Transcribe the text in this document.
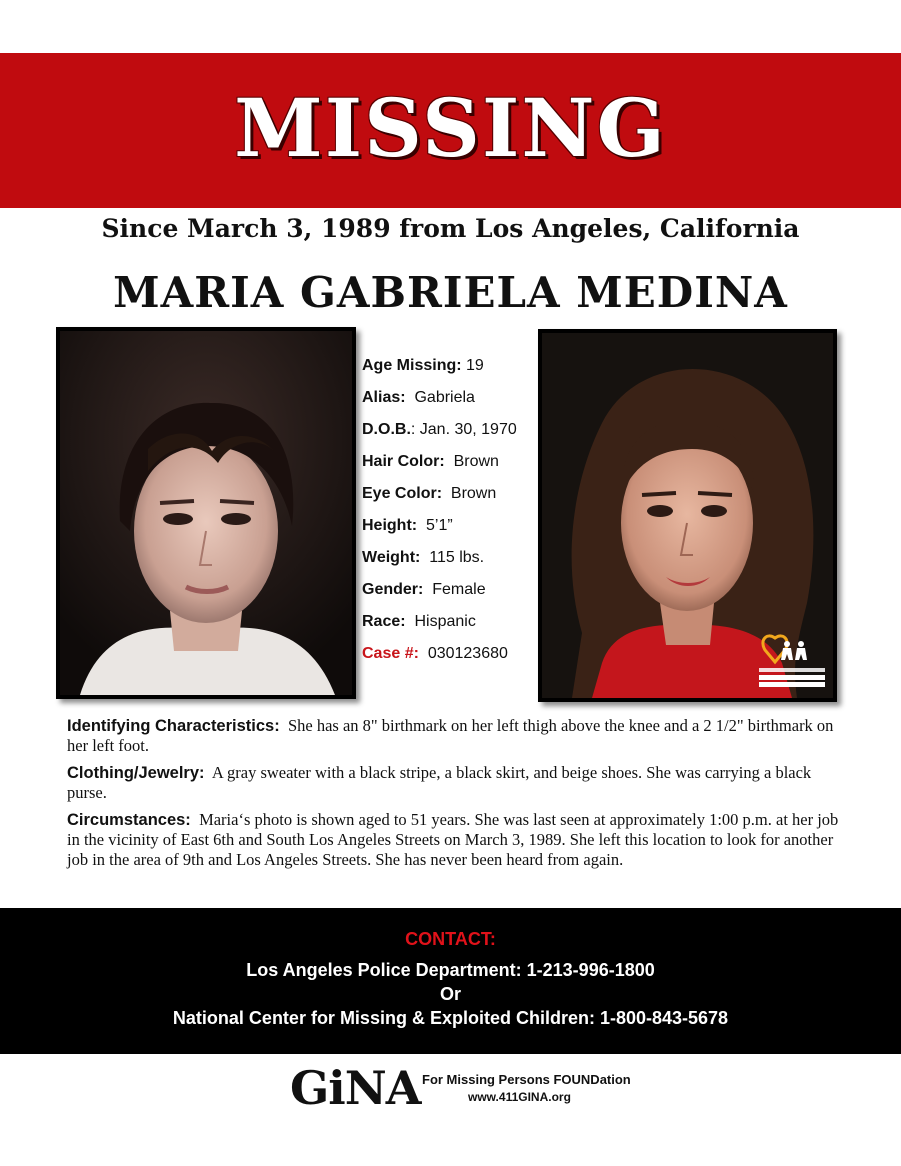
MISSING
Since March 3, 1989 from Los Angeles, California
MARIA GABRIELA MEDINA
Age Missing: 19
Alias: Gabriela
D.O.B.: Jan. 30, 1970
Hair Color: Brown
Eye Color: Brown
Height: 5’1”
Weight: 115 lbs.
Gender: Female
Race: Hispanic
Case #: 030123680

Identifying Characteristics: She has an 8" birthmark on her left thigh above the knee and a 2 1/2" birthmark on her left foot.

Clothing/Jewelry: A gray sweater with a black stripe, a black skirt, and beige shoes. She was carrying a black purse.

Circumstances: Maria‘s photo is shown aged to 51 years. She was last seen at approximately 1:00 p.m. at her job in the vicinity of East 6th and South Los Angeles Streets on March 3, 1989. She left this location to look for another job in the area of 9th and Los Angeles Streets. She has never been heard from again.

CONTACT:
Los Angeles Police Department: 1-213-996-1800
Or
National Center for Missing & Exploited Children: 1-800-843-5678
GiNA For Missing Persons FOUNDation
www.411GINA.org
